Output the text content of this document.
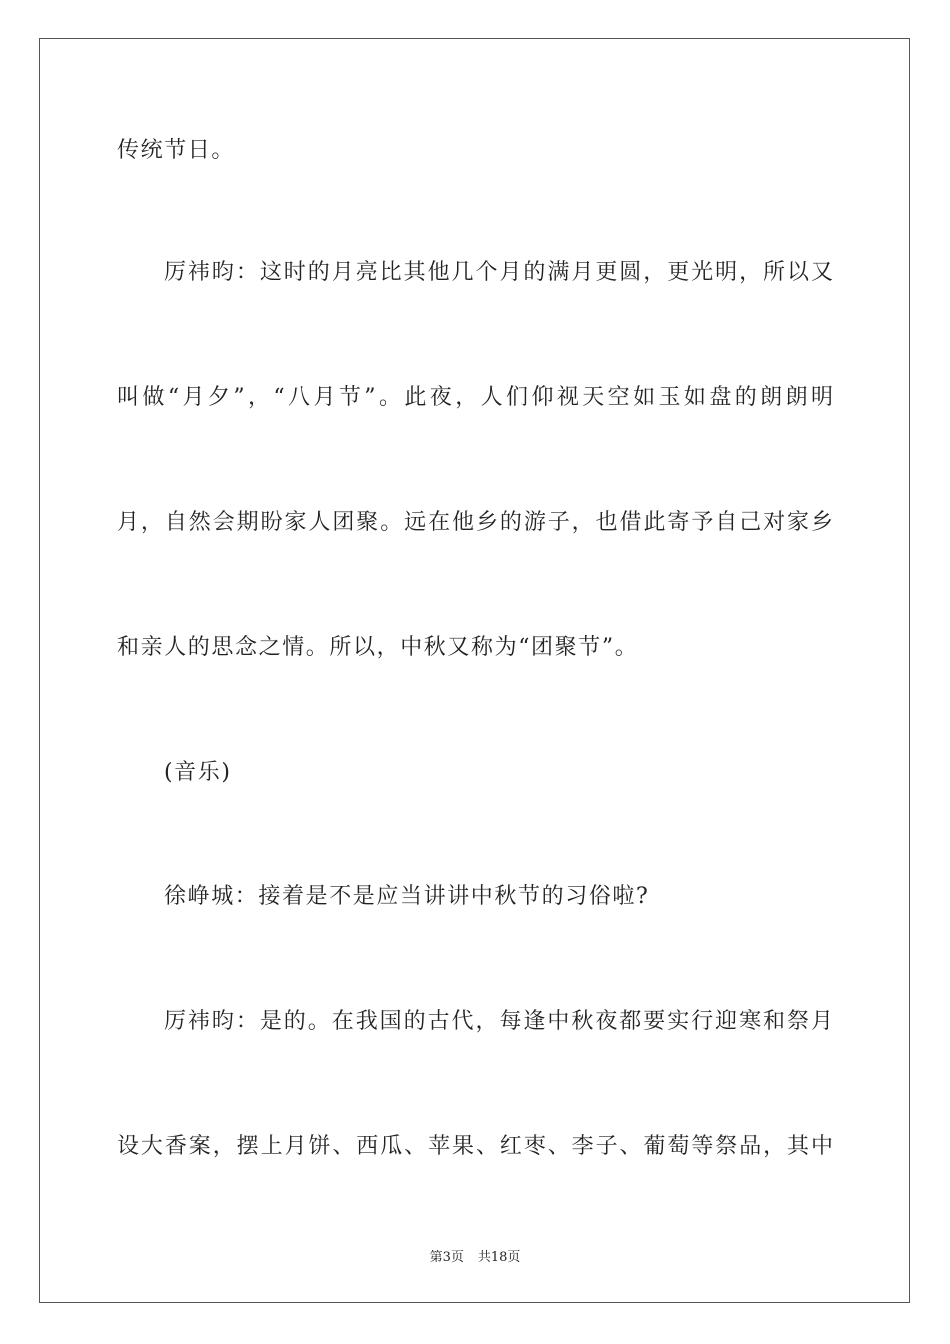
传统节日。
厉祎昀：这时的月亮比其他几个月的满月更圆，更光明，所以又
叫做“月夕”，“八月节”。此夜，人们仰视天空如玉如盘的朗朗明
月，自然会期盼家人团聚。远在他乡的游子，也借此寄予自己对家乡
和亲人的思念之情。所以，中秋又称为“团聚节”。
(音乐)
徐峥城：接着是不是应当讲讲中秋节的习俗啦?
厉祎昀：是的。在我国的古代，每逢中秋夜都要实行迎寒和祭月
设大香案，摆上月饼、西瓜、苹果、红枣、李子、葡萄等祭品，其中
第3页 共18页
